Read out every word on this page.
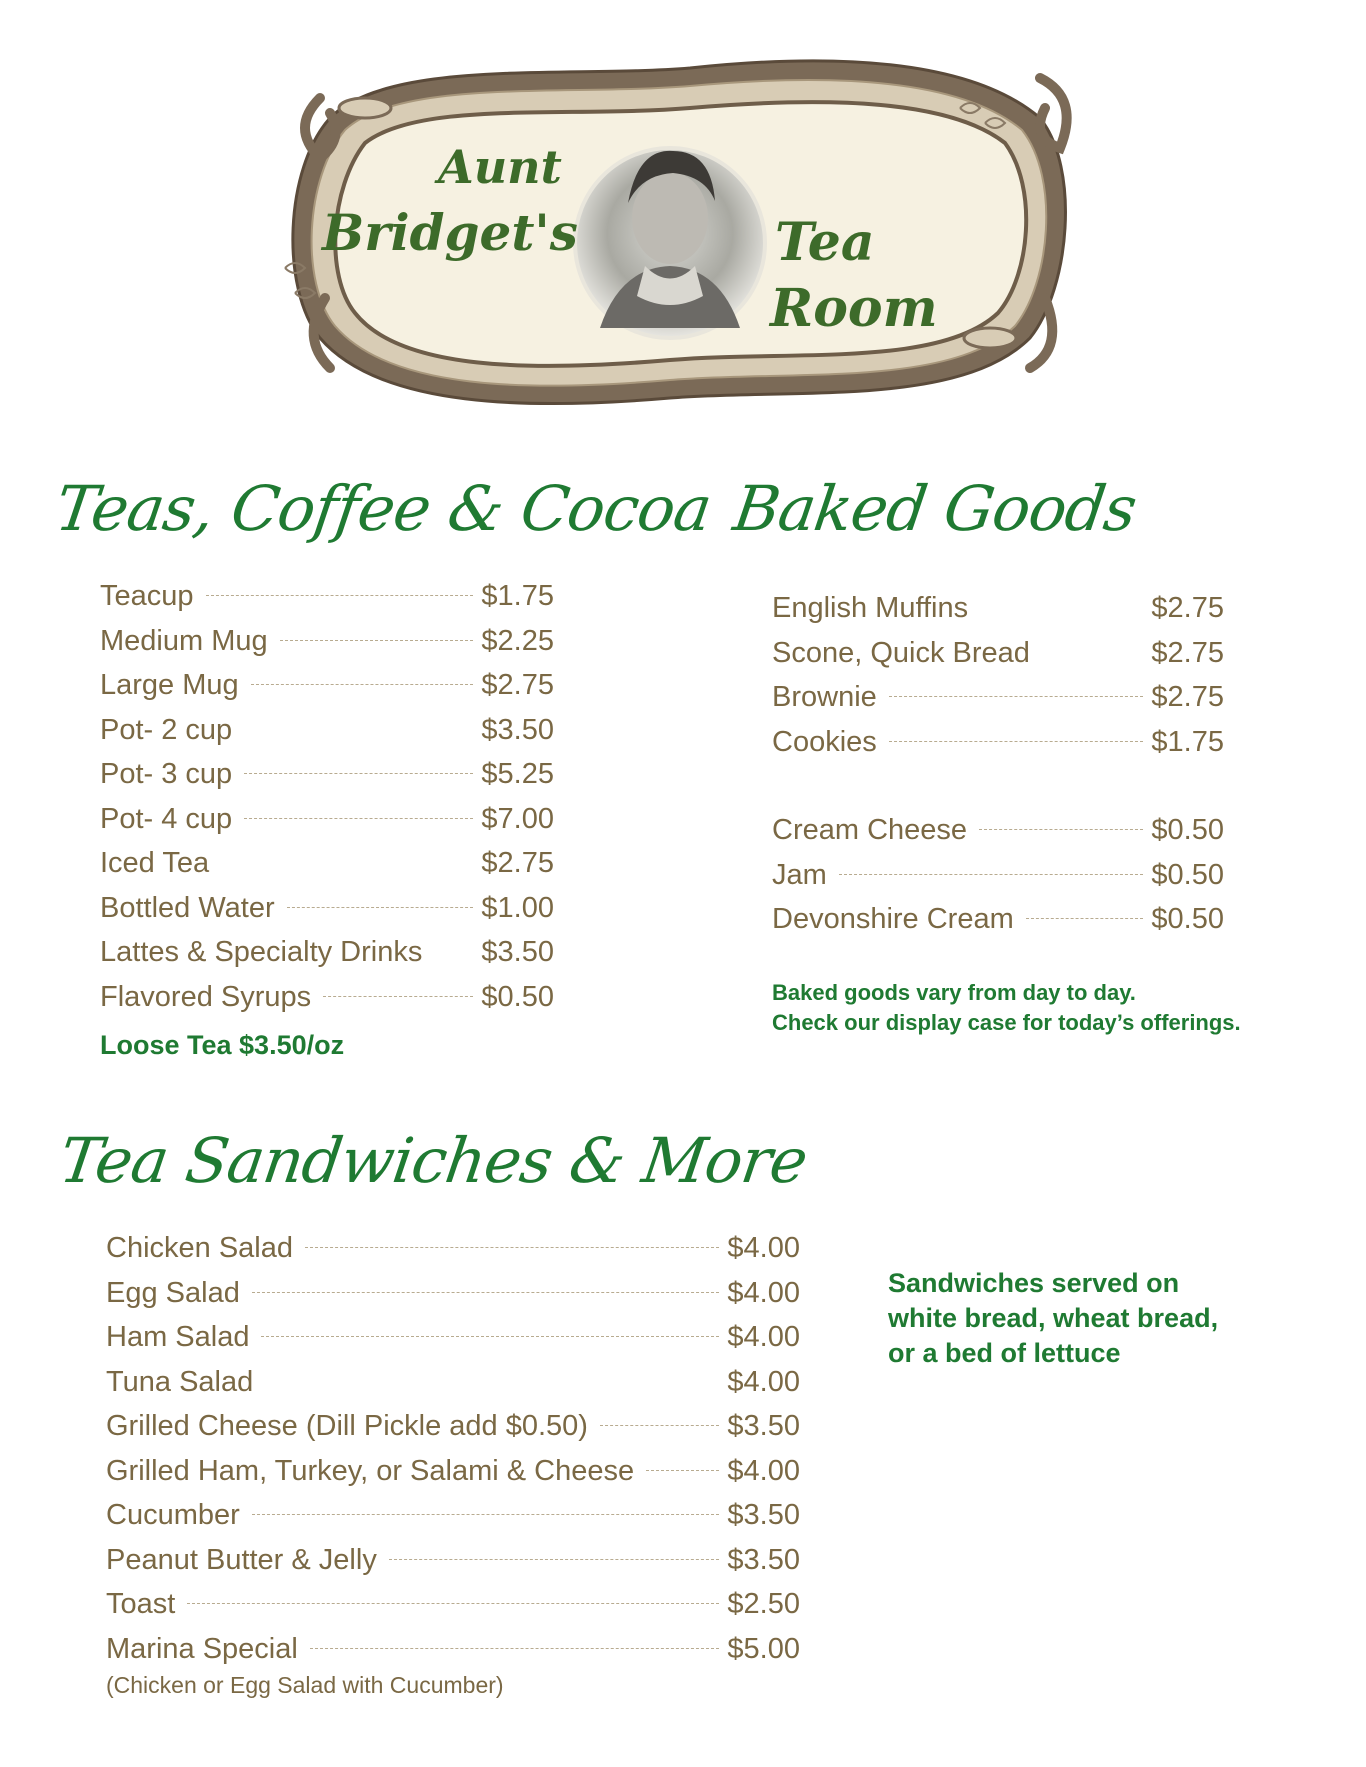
Aunt
Bridget's	Tea
Room
Teas, Coffee & Cocoa
Teacup	$1.75
Medium Mug	$2.25
Large Mug	$2.75
Pot- 2 cup	$3.50
Pot- 3 cup	$5.25
Pot- 4 cup	$7.00
Iced Tea	$2.75
Bottled Water	$1.00
Lattes & Specialty Drinks $3.50
Flavored Syrups	$0.50

Loose Tea $3.50/oz

Baked Goods
English Muffins	$2.75
Scone, Quick Bread	$2.75
Brownie	$2.75
Cookies	$1.75
Cream Cheese	$0.50
Jam	$0.50
Devonshire Cream	$0.50

Baked goods vary from day to day.

Check our display case for today’s offerings.

Tea Sandwiches & More
Chicken Salad	$4.00
Egg Salad	$4.00
Ham Salad	$4.00
Tuna Salad	$4.00
Grilled Cheese (Dill Pickle add $0.50)	$3.50
Grilled Ham, Turkey, or Salami & Cheese	$4.00
Cucumber	$3.50
Peanut Butter & Jelly	$3.50
Toast	$2.50
Marina Special	$5.00

(Chicken or Egg Salad with Cucumber)

Sandwiches served on

white bread, wheat bread,

or a bed of lettuce
